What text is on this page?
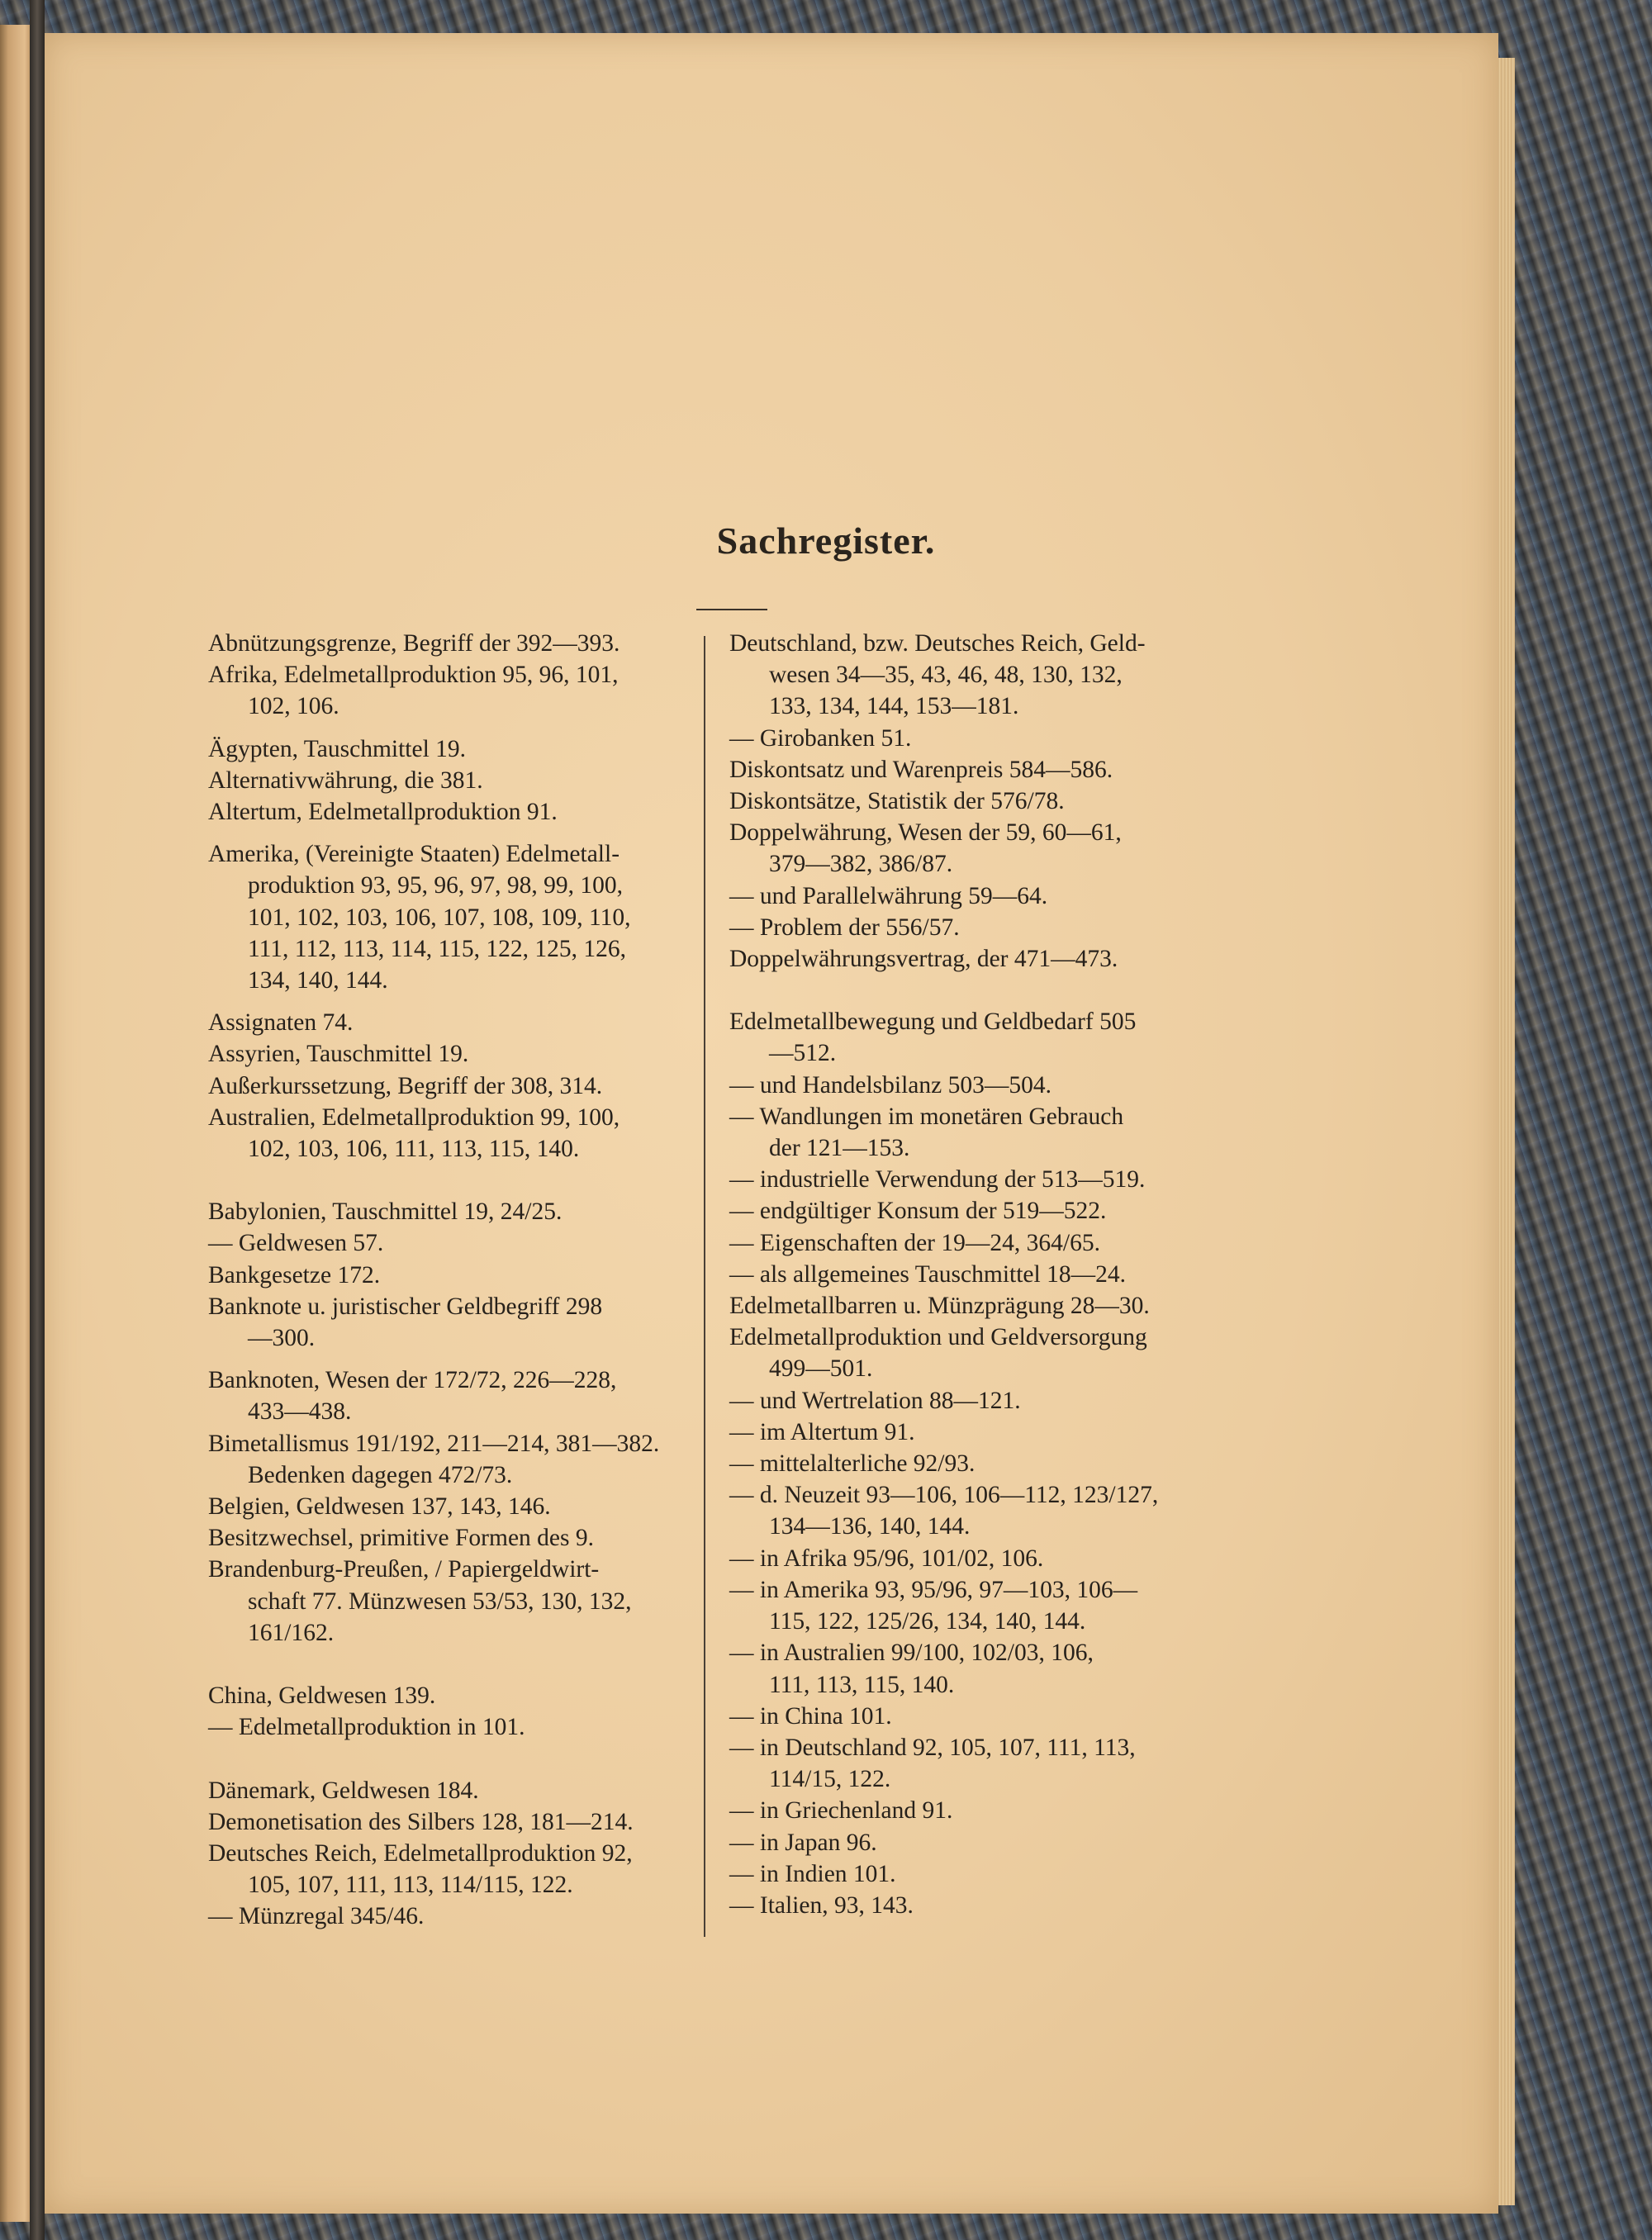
Sachregister.
Abnützungsgrenze, Begriff der 392—393.
Afrika, Edelmetallproduktion 95, 96, 101,
102, 106.
Ägypten, Tauschmittel 19.
Alternativwährung, die 381.
Altertum, Edelmetallproduktion 91.
Amerika, (Vereinigte Staaten) Edelmetall-
produktion 93, 95, 96, 97, 98, 99, 100,
101, 102, 103, 106, 107, 108, 109, 110,
111, 112, 113, 114, 115, 122, 125, 126,
134, 140, 144.
Assignaten 74.
Assyrien, Tauschmittel 19.
Außerkurssetzung, Begriff der 308, 314.
Australien, Edelmetallproduktion 99, 100,
102, 103, 106, 111, 113, 115, 140.
Babylonien, Tauschmittel 19, 24/25.
— Geldwesen 57.
Bankgesetze 172.
Banknote u. juristischer Geldbegriff 298
—300.
Banknoten, Wesen der 172/72, 226—228,
433—438.
Bimetallismus 191/192, 211—214, 381—382.
Bedenken dagegen 472/73.
Belgien, Geldwesen 137, 143, 146.
Besitzwechsel, primitive Formen des 9.
Brandenburg-Preußen, / Papiergeldwirt-
schaft 77. Münzwesen 53/53, 130, 132,
161/162.
China, Geldwesen 139.
— Edelmetallproduktion in 101.
Dänemark, Geldwesen 184.
Demonetisation des Silbers 128, 181—214.
Deutsches Reich, Edelmetallproduktion 92,
105, 107, 111, 113, 114/115, 122.
— Münzregal 345/46.
Deutschland, bzw. Deutsches Reich, Geld-
wesen 34—35, 43, 46, 48, 130, 132,
133, 134, 144, 153—181.
— Girobanken 51.
Diskontsatz und Warenpreis 584—586.
Diskontsätze, Statistik der 576/78.
Doppelwährung, Wesen der 59, 60—61,
379—382, 386/87.
— und Parallelwährung 59—64.
— Problem der 556/57.
Doppelwährungsvertrag, der 471—473.
Edelmetallbewegung und Geldbedarf 505
—512.
— und Handelsbilanz 503—504.
— Wandlungen im monetären Gebrauch
der 121—153.
— industrielle Verwendung der 513—519.
— endgültiger Konsum der 519—522.
— Eigenschaften der 19—24, 364/65.
— als allgemeines Tauschmittel 18—24.
Edelmetallbarren u. Münzprägung 28—30.
Edelmetallproduktion und Geldversorgung
499—501.
— und Wertrelation 88—121.
— im Altertum 91.
— mittelalterliche 92/93.
— d. Neuzeit 93—106, 106—112, 123/127,
134—136, 140, 144.
— in Afrika 95/96, 101/02, 106.
— in Amerika 93, 95/96, 97—103, 106—
115, 122, 125/26, 134, 140, 144.
— in Australien 99/100, 102/03, 106,
111, 113, 115, 140.
— in China 101.
— in Deutschland 92, 105, 107, 111, 113,
114/15, 122.
— in Griechenland 91.
— in Japan 96.
— in Indien 101.
— Italien, 93, 143.
